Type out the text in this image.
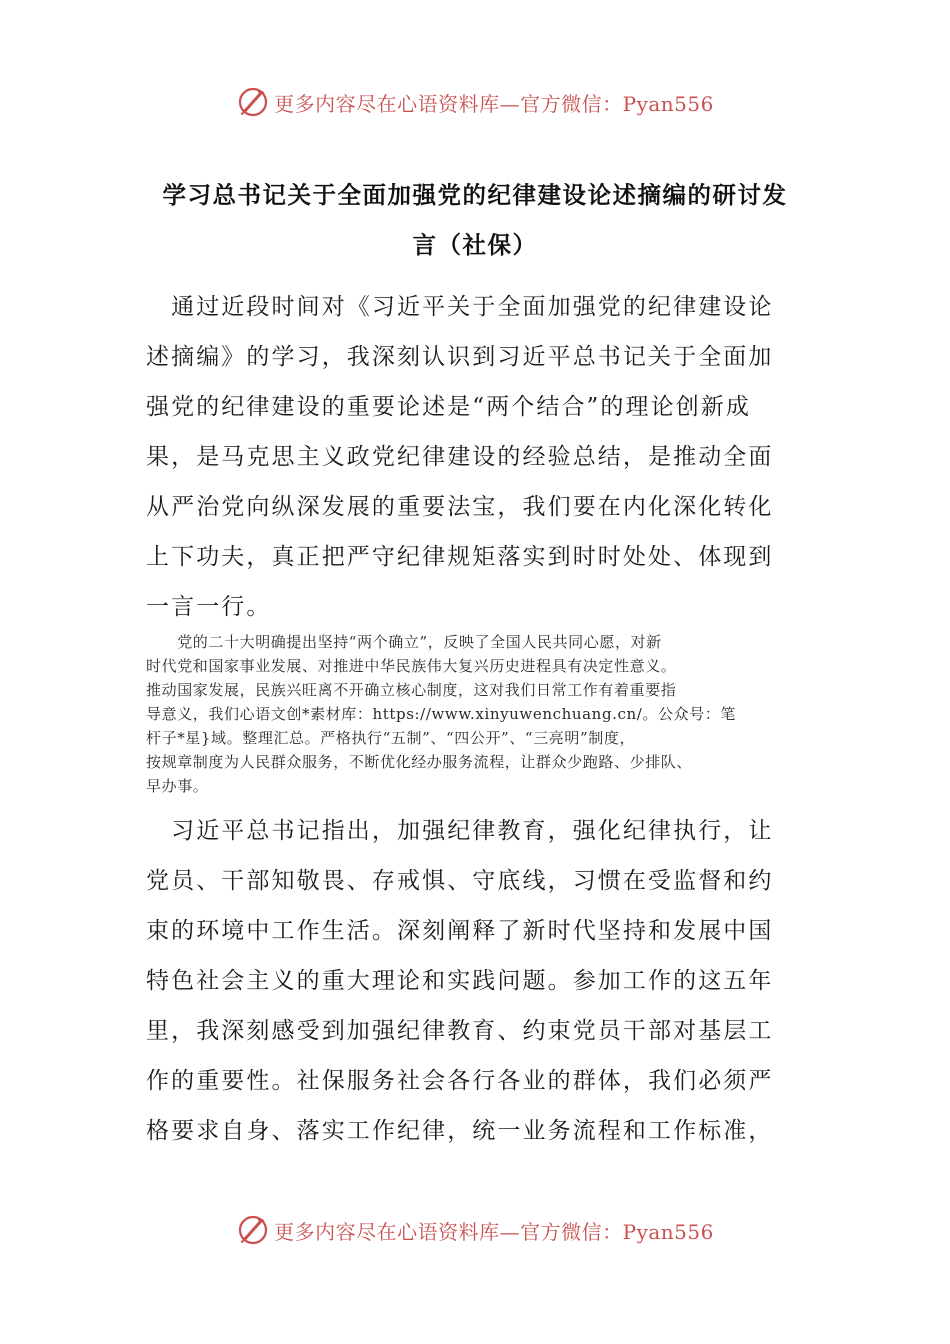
更多内容尽在心语资料库—官方微信：Pyan556
学习总书记关于全面加强党的纪律建设论述摘编的研讨发
言（社保）

　通过近段时间对《习近平关于全面加强党的纪律建设论
述摘编》的学习，我深刻认识到习近平总书记关于全面加
强党的纪律建设的重要论述是“两个结合”的理论创新成
果，是马克思主义政党纪律建设的经验总结，是推动全面
从严治党向纵深发展的重要法宝，我们要在内化深化转化
上下功夫，真正把严守纪律规矩落实到时时处处、体现到
一言一行。

　　党的二十大明确提出坚持“两个确立”，反映了全国人民共同心愿，对新
时代党和国家事业发展、对推进中华民族伟大复兴历史进程具有决定性意义。
推动国家发展，民族兴旺离不开确立核心制度，这对我们日常工作有着重要指
导意义，我们心语文创*素材库：https://www.xinyuwenchuang.cn/。公众号：笔
杆子*星}域。整理汇总。严格执行“五制”、“四公开”、“三亮明”制度，
按规章制度为人民群众服务，不断优化经办服务流程，让群众少跑路、少排队、
早办事。

　习近平总书记指出，加强纪律教育，强化纪律执行，让
党员、干部知敬畏、存戒惧、守底线，习惯在受监督和约
束的环境中工作生活。深刻阐释了新时代坚持和发展中国
特色社会主义的重大理论和实践问题。参加工作的这五年
里，我深刻感受到加强纪律教育、约束党员干部对基层工
作的重要性。社保服务社会各行各业的群体，我们必须严
格要求自身、落实工作纪律，统一业务流程和工作标准，

更多内容尽在心语资料库—官方微信：Pyan556
